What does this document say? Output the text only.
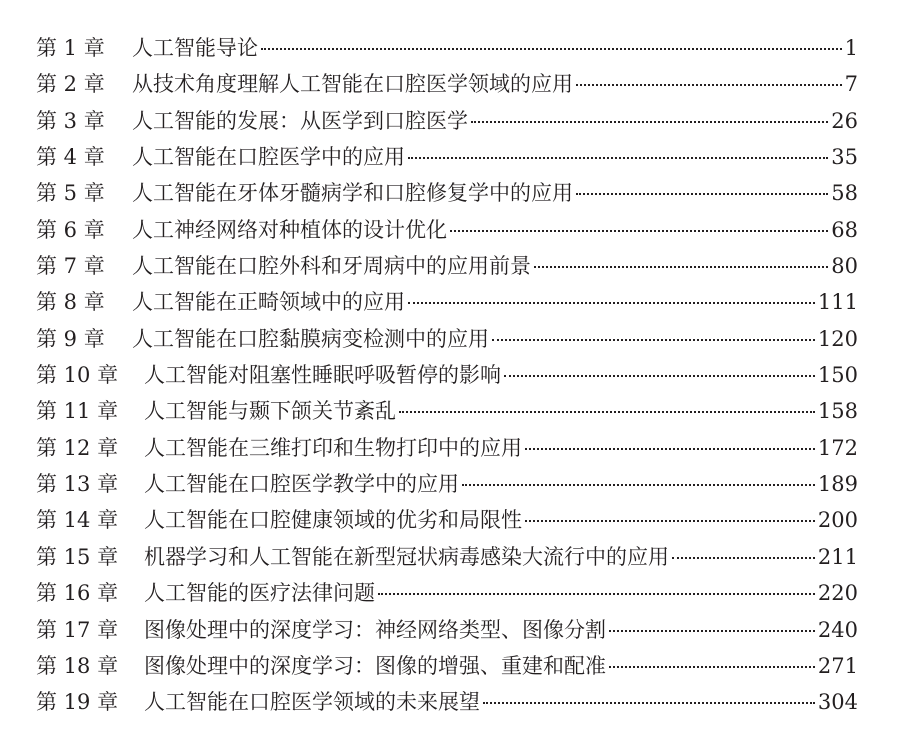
第 1 章	人工智能导论	1
第 2 章	从技术角度理解人工智能在口腔医学领域的应用	7
第 3 章	人工智能的发展：从医学到口腔医学	26
第 4 章	人工智能在口腔医学中的应用	35
第 5 章	人工智能在牙体牙髓病学和口腔修复学中的应用	58
第 6 章	人工神经网络对种植体的设计优化	68
第 7 章	人工智能在口腔外科和牙周病中的应用前景	80
第 8 章	人工智能在正畸领域中的应用	111
第 9 章	人工智能在口腔黏膜病变检测中的应用	120
第 10 章	人工智能对阻塞性睡眠呼吸暂停的影响	150
第 11 章	人工智能与颞下颌关节紊乱	158
第 12 章	人工智能在三维打印和生物打印中的应用	172
第 13 章	人工智能在口腔医学教学中的应用	189
第 14 章	人工智能在口腔健康领域的优劣和局限性	200
第 15 章	机器学习和人工智能在新型冠状病毒感染大流行中的应用	211
第 16 章	人工智能的医疗法律问题	220
第 17 章	图像处理中的深度学习：神经网络类型、图像分割	240
第 18 章	图像处理中的深度学习：图像的增强、重建和配准	271
第 19 章	人工智能在口腔医学领域的未来展望	304
